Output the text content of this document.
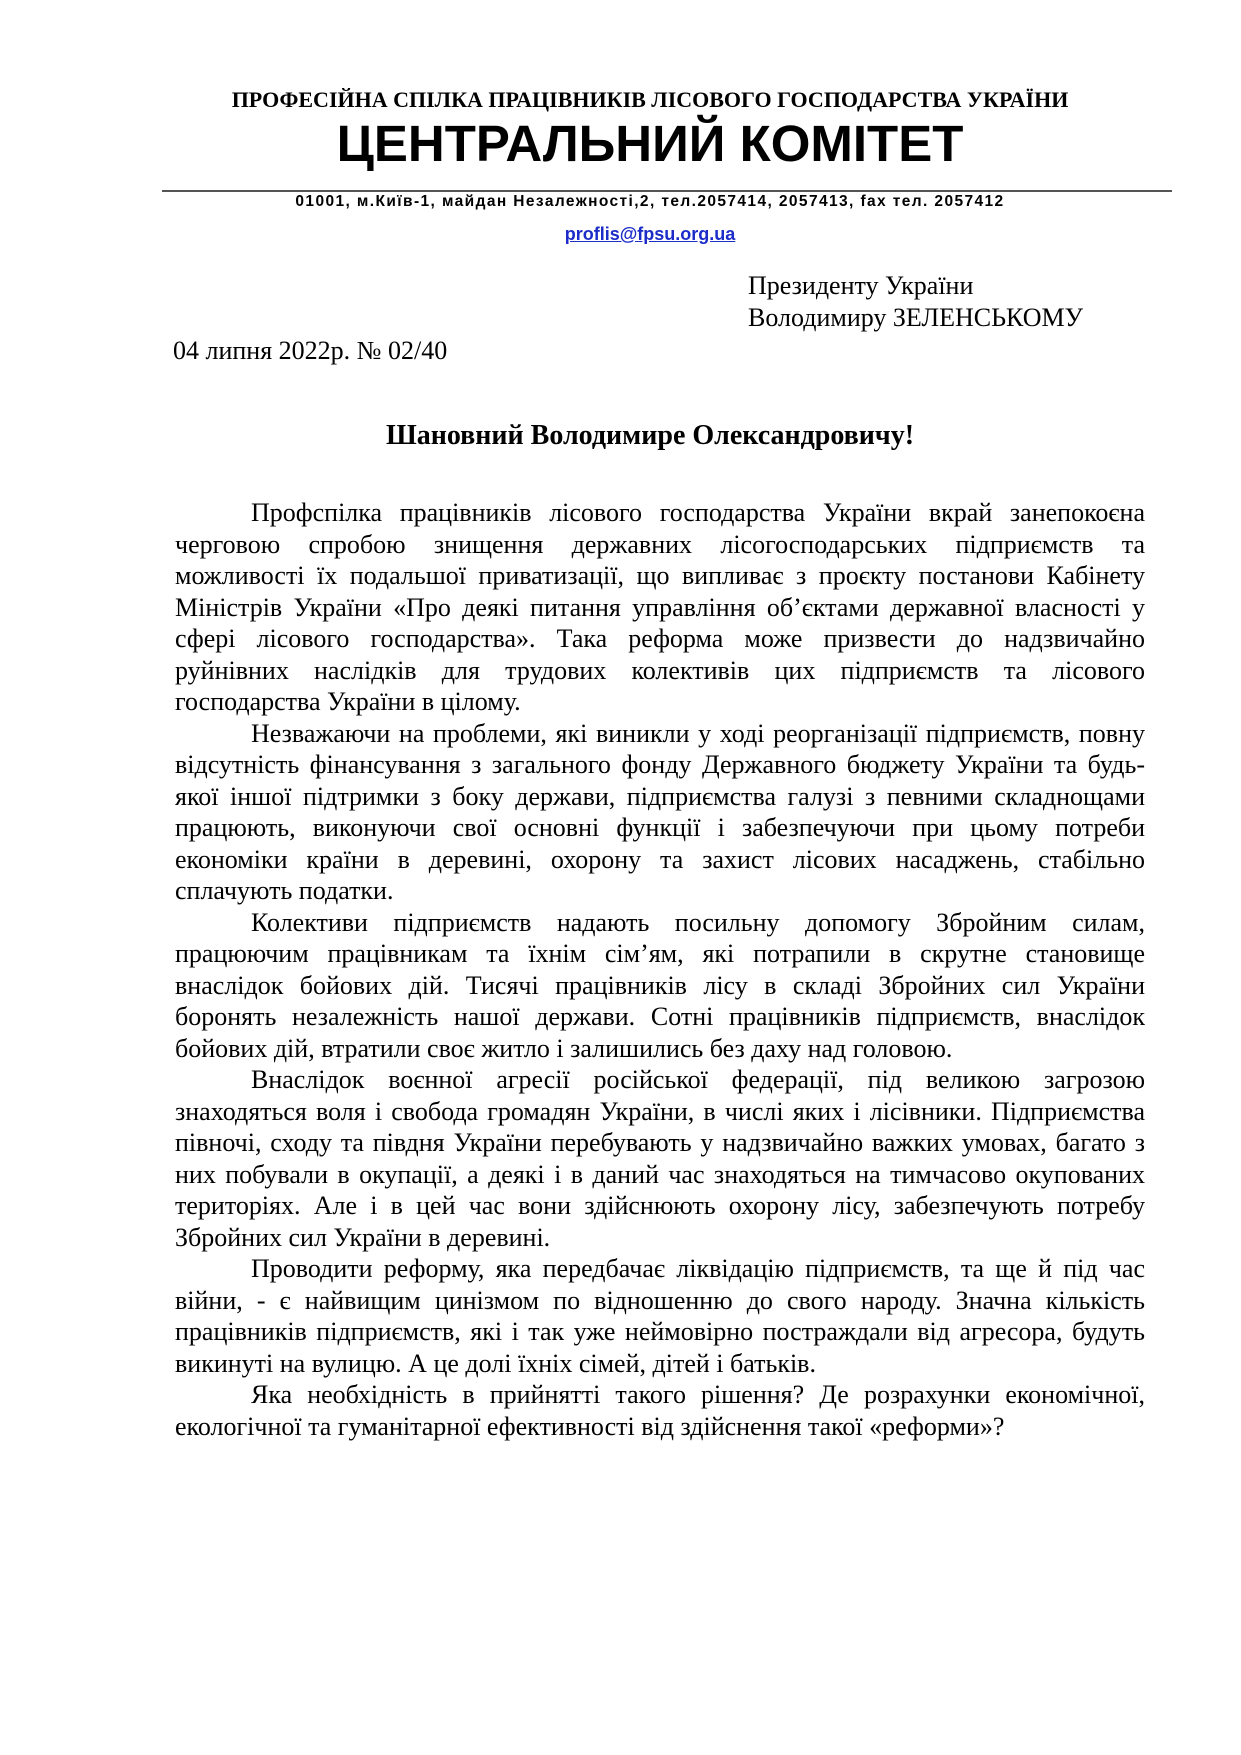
ПРОФЕСІЙНА СПІЛКА ПРАЦІВНИКІВ ЛІСОВОГО ГОСПОДАРСТВА УКРАЇНИ
ЦЕНТРАЛЬНИЙ КОМІТЕТ
01001, м.Київ-1, майдан Незалежності,2, тел.2057414, 2057413, fax тел. 2057412
proflis@fpsu.org.ua
Президенту України
Володимиру ЗЕЛЕНСЬКОМУ
04 липня 2022р. № 02/40
Шановний Володимире Олександровичу!

Профспілка працівників лісового господарства України вкрай занепокоєна черговою спробою знищення державних лісогосподарських підприємств та можливості їх подальшої приватизації, що випливає з проєкту постанови Кабінету Міністрів України «Про деякі питання управління об’єктами державної власності у сфері лісового господарства». Така реформа може призвести до надзвичайно руйнівних наслідків для трудових колективів цих підприємств та лісового господарства України в цілому.

Незважаючи на проблеми, які виникли у ході реорганізації підприємств, повну відсутність фінансування з загального фонду Державного бюджету України та будь-якої іншої підтримки з боку держави, підприємства галузі з певними складнощами працюють, виконуючи свої основні функції і забезпечуючи при цьому потреби економіки країни в деревині, охорону та захист лісових насаджень, стабільно сплачують податки.

Колективи підприємств надають посильну допомогу Збройним силам, працюючим працівникам та їхнім сім’ям, які потрапили в скрутне становище внаслідок бойових дій. Тисячі працівників лісу в складі Збройних сил України боронять незалежність нашої держави. Сотні працівників підприємств, внаслідок бойових дій, втратили своє житло і залишились без даху над головою.

Внаслідок воєнної агресії російської федерації, під великою загрозою знаходяться воля і свобода громадян України, в числі яких і лісівники. Підприємства півночі, сходу та півдня України перебувають у надзвичайно важких умовах, багато з них побували в окупації, а деякі і в даний час знаходяться на тимчасово окупованих територіях. Але і в цей час вони здійснюють охорону лісу, забезпечують потребу Збройних сил України в деревині.

Проводити реформу, яка передбачає ліквідацію підприємств, та ще й під час війни, - є найвищим цинізмом по відношенню до свого народу. Значна кількість працівників підприємств, які і так уже неймовірно постраждали від агресора, будуть викинуті на вулицю. А це долі їхніх сімей, дітей і батьків.

Яка необхідність в прийнятті такого рішення? Де розрахунки економічної, екологічної та гуманітарної ефективності від здійснення такої «реформи»?
